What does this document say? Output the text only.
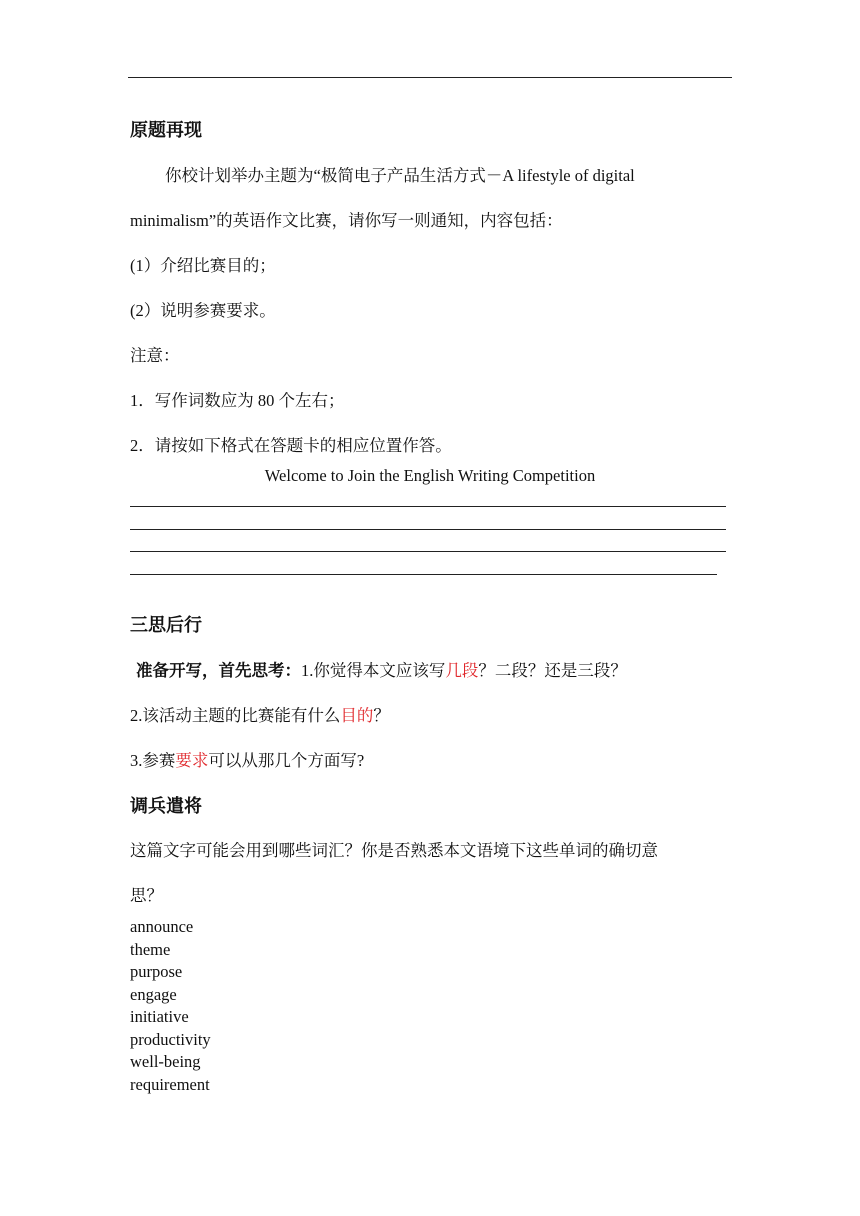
原题再现
你校计划举办主题为“极简电子产品生活方式－A lifestyle of digital
minimalism”的英语作文比赛，请你写一则通知，内容包括：
(1）介绍比赛目的；
(2）说明参赛要求。
注意：
1．写作词数应为 80 个左右；
2．请按如下格式在答题卡的相应位置作答。
Welcome to Join the English Writing Competition
三思后行
准备开写，首先思考：1.你觉得本文应该写几段？二段？还是三段？
2.该活动主题的比赛能有什么目的？
3.参赛要求可以从那几个方面写?
调兵遣将
这篇文字可能会用到哪些词汇？你是否熟悉本文语境下这些单词的确切意
思？
announce
theme
purpose
engage
initiative
productivity
well-being
requirement
